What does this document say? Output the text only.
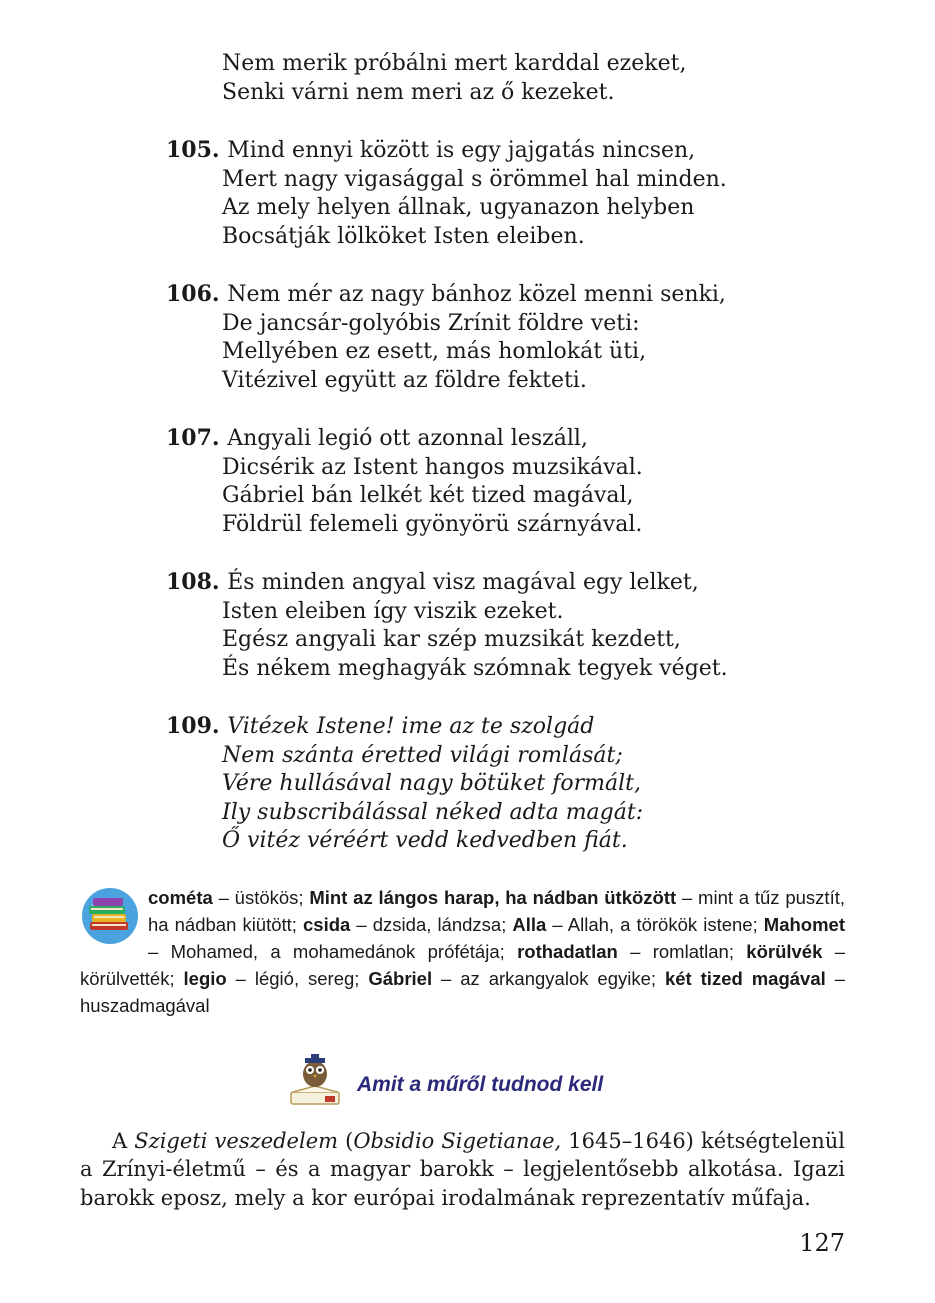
Nem merik próbálni mert karddal ezeket,
Senki várni nem meri az ő kezeket.
105. Mind ennyi között is egy jajgatás nincsen,
Mert nagy vigasággal s örömmel hal minden.
Az mely helyen állnak, ugyanazon helyben
Bocsátják lölköket Isten eleiben.
106. Nem mér az nagy bánhoz közel menni senki,
De jancsár-golyóbis Zrínit földre veti:
Mellyében ez esett, más homlokát üti,
Vitézivel együtt az földre fekteti.
107. Angyali legió ott azonnal leszáll,
Dicsérik az Istent hangos muzsikával.
Gábriel bán lelkét két tized magával,
Földrül felemeli gyönyörü szárnyával.
108. És minden angyal visz magával egy lelket,
Isten eleiben így viszik ezeket.
Egész angyali kar szép muzsikát kezdett,
És nékem meghagyák szómnak tegyek véget.
109. Vitézek Istene! ime az te szolgád
Nem szánta éretted világi romlását;
Vére hullásával nagy bötüket formált,
Ily subscribálással néked adta magát:
Ő vitéz véréért vedd kedvedben fiát.
cométa – üstökös; Mint az lángos harap, ha nádban ütközött – mint a tűz pusztít, ha nádban kiütött; csida – dzsida, lándzsa; Alla – Allah, a törökök istene; Mahomet – Mohamed, a mohamedánok prófétája; rothadatlan – romlatlan; körülvék – körülvették; legio – légió, sereg; Gábriel – az arkangyalok egyike; két tized magával – huszadmagával
Amit a műről tudnod kell
A Szigeti veszedelem (Obsidio Sigetianae, 1645–1646) kétségtelenül a Zrínyi-életmű – és a magyar barokk – legjelentősebb alkotása. Igazi barokk eposz, mely a kor európai irodalmának reprezentatív műfaja.
127
